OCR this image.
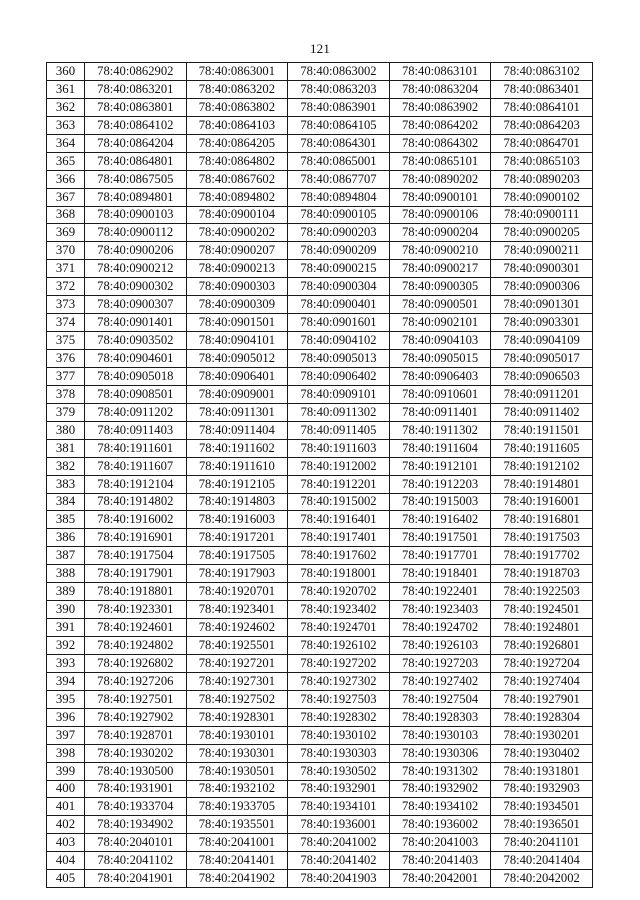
121
360	78:40:0862902	78:40:0863001	78:40:0863002	78:40:0863101	78:40:0863102
361	78:40:0863201	78:40:0863202	78:40:0863203	78:40:0863204	78:40:0863401
362	78:40:0863801	78:40:0863802	78:40:0863901	78:40:0863902	78:40:0864101
363	78:40:0864102	78:40:0864103	78:40:0864105	78:40:0864202	78:40:0864203
364	78:40:0864204	78:40:0864205	78:40:0864301	78:40:0864302	78:40:0864701
365	78:40:0864801	78:40:0864802	78:40:0865001	78:40:0865101	78:40:0865103
366	78:40:0867505	78:40:0867602	78:40:0867707	78:40:0890202	78:40:0890203
367	78:40:0894801	78:40:0894802	78:40:0894804	78:40:0900101	78:40:0900102
368	78:40:0900103	78:40:0900104	78:40:0900105	78:40:0900106	78:40:0900111
369	78:40:0900112	78:40:0900202	78:40:0900203	78:40:0900204	78:40:0900205
370	78:40:0900206	78:40:0900207	78:40:0900209	78:40:0900210	78:40:0900211
371	78:40:0900212	78:40:0900213	78:40:0900215	78:40:0900217	78:40:0900301
372	78:40:0900302	78:40:0900303	78:40:0900304	78:40:0900305	78:40:0900306
373	78:40:0900307	78:40:0900309	78:40:0900401	78:40:0900501	78:40:0901301
374	78:40:0901401	78:40:0901501	78:40:0901601	78:40:0902101	78:40:0903301
375	78:40:0903502	78:40:0904101	78:40:0904102	78:40:0904103	78:40:0904109
376	78:40:0904601	78:40:0905012	78:40:0905013	78:40:0905015	78:40:0905017
377	78:40:0905018	78:40:0906401	78:40:0906402	78:40:0906403	78:40:0906503
378	78:40:0908501	78:40:0909001	78:40:0909101	78:40:0910601	78:40:0911201
379	78:40:0911202	78:40:0911301	78:40:0911302	78:40:0911401	78:40:0911402
380	78:40:0911403	78:40:0911404	78:40:0911405	78:40:1911302	78:40:1911501
381	78:40:1911601	78:40:1911602	78:40:1911603	78:40:1911604	78:40:1911605
382	78:40:1911607	78:40:1911610	78:40:1912002	78:40:1912101	78:40:1912102
383	78:40:1912104	78:40:1912105	78:40:1912201	78:40:1912203	78:40:1914801
384	78:40:1914802	78:40:1914803	78:40:1915002	78:40:1915003	78:40:1916001
385	78:40:1916002	78:40:1916003	78:40:1916401	78:40:1916402	78:40:1916801
386	78:40:1916901	78:40:1917201	78:40:1917401	78:40:1917501	78:40:1917503
387	78:40:1917504	78:40:1917505	78:40:1917602	78:40:1917701	78:40:1917702
388	78:40:1917901	78:40:1917903	78:40:1918001	78:40:1918401	78:40:1918703
389	78:40:1918801	78:40:1920701	78:40:1920702	78:40:1922401	78:40:1922503
390	78:40:1923301	78:40:1923401	78:40:1923402	78:40:1923403	78:40:1924501
391	78:40:1924601	78:40:1924602	78:40:1924701	78:40:1924702	78:40:1924801
392	78:40:1924802	78:40:1925501	78:40:1926102	78:40:1926103	78:40:1926801
393	78:40:1926802	78:40:1927201	78:40:1927202	78:40:1927203	78:40:1927204
394	78:40:1927206	78:40:1927301	78:40:1927302	78:40:1927402	78:40:1927404
395	78:40:1927501	78:40:1927502	78:40:1927503	78:40:1927504	78:40:1927901
396	78:40:1927902	78:40:1928301	78:40:1928302	78:40:1928303	78:40:1928304
397	78:40:1928701	78:40:1930101	78:40:1930102	78:40:1930103	78:40:1930201
398	78:40:1930202	78:40:1930301	78:40:1930303	78:40:1930306	78:40:1930402
399	78:40:1930500	78:40:1930501	78:40:1930502	78:40:1931302	78:40:1931801
400	78:40:1931901	78:40:1932102	78:40:1932901	78:40:1932902	78:40:1932903
401	78:40:1933704	78:40:1933705	78:40:1934101	78:40:1934102	78:40:1934501
402	78:40:1934902	78:40:1935501	78:40:1936001	78:40:1936002	78:40:1936501
403	78:40:2040101	78:40:2041001	78:40:2041002	78:40:2041003	78:40:2041101
404	78:40:2041102	78:40:2041401	78:40:2041402	78:40:2041403	78:40:2041404
405	78:40:2041901	78:40:2041902	78:40:2041903	78:40:2042001	78:40:2042002
